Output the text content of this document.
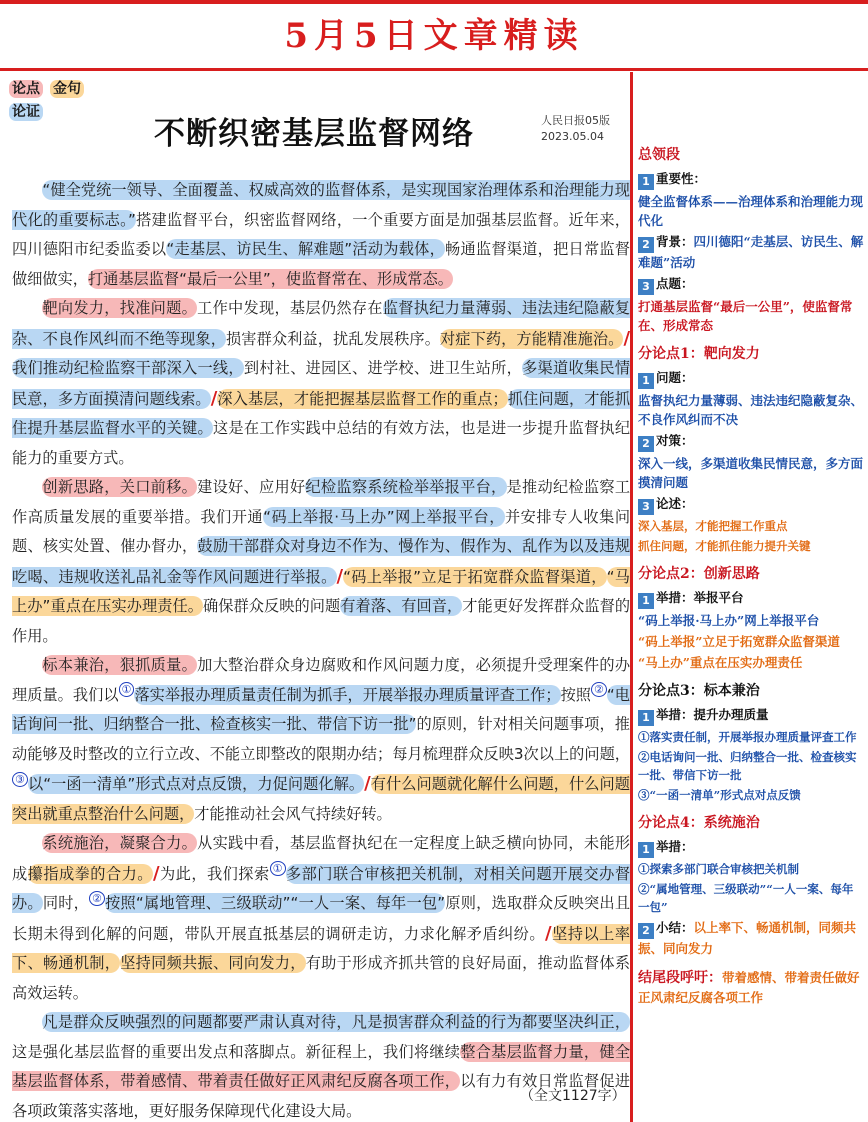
5月5日文章精读
论点 金句
论证
不断织密基层监督网络	人民日报05版
2023.05.04

“健全党统一领导、全面覆盖、权威高效的监督体系，是实现国家治理体系和治理能力现代化的重要标志。”搭建监督平台，织密监督网络，一个重要方面是加强基层监督。近年来，四川德阳市纪委监委以“走基层、访民生、解难题”活动为载体，畅通监督渠道，把日常监督做细做实，打通基层监督“最后一公里”，使监督常在、形成常态。

靶向发力，找准问题。工作中发现，基层仍然存在监督执纪力量薄弱、违法违纪隐蔽复杂、不良作风纠而不绝等现象，损害群众利益，扰乱发展秩序。对症下药，方能精准施治。/我们推动纪检监察干部深入一线，到村社、进园区、进学校、进卫生站所，多渠道收集民情民意，多方面摸清问题线索。/深入基层，才能把握基层监督工作的重点；抓住问题，才能抓住提升基层监督水平的关键。这是在工作实践中总结的有效方法，也是进一步提升监督执纪能力的重要方式。

创新思路，关口前移。建设好、应用好纪检监察系统检举举报平台，是推动纪检监察工作高质量发展的重要举措。我们开通“码上举报·马上办”网上举报平台，并安排专人收集问题、核实处置、催办督办，鼓励干部群众对身边不作为、慢作为、假作为、乱作为以及违规吃喝、违规收送礼品礼金等作风问题进行举报。/“码上举报”立足于拓宽群众监督渠道，“马上办”重点在压实办理责任。确保群众反映的问题有着落、有回音，才能更好发挥群众监督的作用。

标本兼治，狠抓质量。加大整治群众身边腐败和作风问题力度，必须提升受理案件的办理质量。我们以 ① 落实举报办理质量责任制为抓手，开展举报办理质量评查工作；按照 ② “电话询问一批、归纳整合一批、检查核实一批、带信下访一批”的原则，针对相关问题事项，推动能够及时整改的立行立改、不能立即整改的限期办结；每月梳理群众反映3次以上的问题，③ 以“一函一清单”形式点对点反馈，力促问题化解。/有什么问题就化解什么问题，什么问题突出就重点整治什么问题，才能推动社会风气持续好转。

系统施治，凝聚合力。从实践中看，基层监督执纪在一定程度上缺乏横向协同，未能形成攥指成拳的合力。/为此，我们探索 ① 多部门联合审核把关机制，对相关问题开展交办督办。同时， ② 按照“属地管理、三级联动”“一人一案、每年一包”原则，选取群众反映突出且长期未得到化解的问题，带队开展直抵基层的调研走访，力求化解矛盾纠纷。/坚持以上率下、畅通机制，坚持同频共振、同向发力，有助于形成齐抓共管的良好局面，推动监督体系高效运转。

凡是群众反映强烈的问题都要严肃认真对待，凡是损害群众利益的行为都要坚决纠正，这是强化基层监督的重要出发点和落脚点。新征程上，我们将继续整合基层监督力量，健全基层监督体系，带着感情、带着责任做好正风肃纪反腐各项工作，以有力有效日常监督促进各项政策落实落地，更好服务保障现代化建设大局。

（全文1127字）
总领段
1 重要性：
健全监督体系——治理体系和治理能力现代化
2 背景：四川德阳“走基层、访民生、解难题”活动
3 点题：
打通基层监督“最后一公里”，使监督常在、形成常态
分论点1：靶向发力
1 问题：
监督执纪力量薄弱、违法违纪隐蔽复杂、不良作风纠而不决
2 对策：
深入一线，多渠道收集民情民意，多方面摸清问题
3 论述：
深入基层，才能把握工作重点
抓住问题，才能抓住能力提升关键
分论点2：创新思路
1 举措：举报平台
“码上举报·马上办”网上举报平台
“码上举报”立足于拓宽群众监督渠道
“马上办”重点在压实办理责任
分论点3：标本兼治
1 举措：提升办理质量
①落实责任制，开展举报办理质量评查工作
②电话询问一批、归纳整合一批、检查核实一批、带信下访一批
③“一函一清单”形式点对点反馈
分论点4：系统施治
1 举措：
①探索多部门联合审核把关机制
②“属地管理、三级联动”“一人一案、每年一包”
2 小结：以上率下、畅通机制，同频共振、同向发力
结尾段呼吁：带着感情、带着责任做好正风肃纪反腐各项工作
